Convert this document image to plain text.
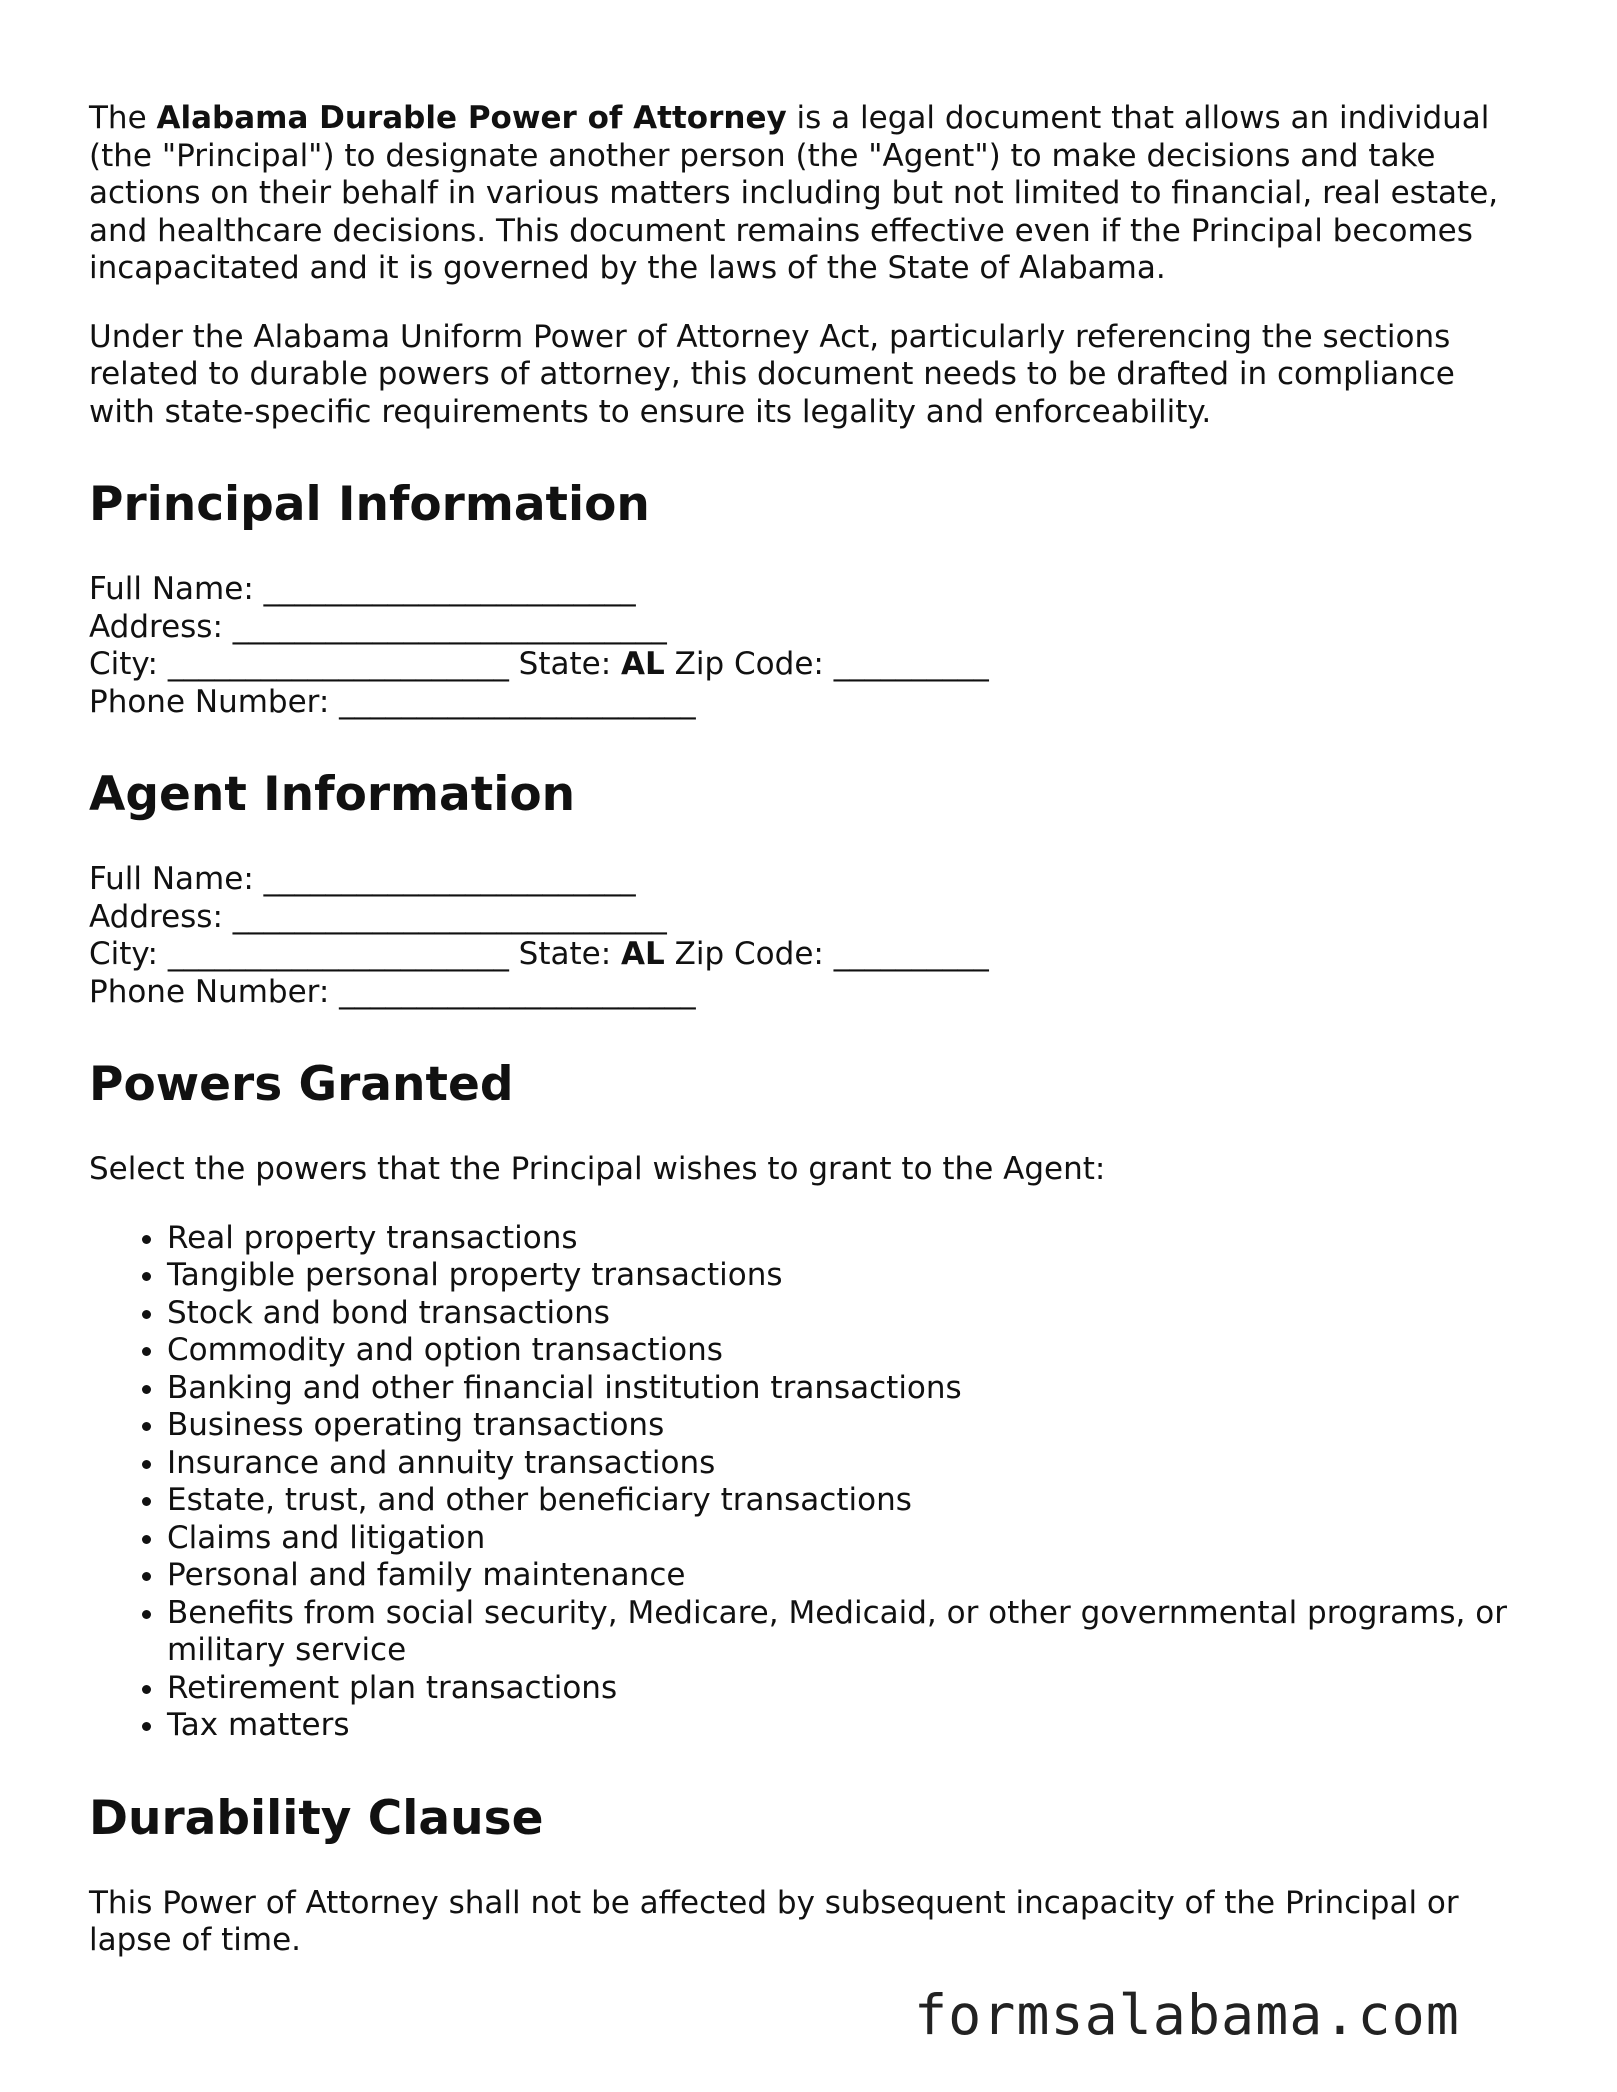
The Alabama Durable Power of Attorney is a legal document that allows an individual (the "Principal") to designate another person (the "Agent") to make decisions and take actions on their behalf in various matters including but not limited to financial, real estate, and healthcare decisions. This document remains effective even if the Principal becomes incapacitated and it is governed by the laws of the State of Alabama.

Under the Alabama Uniform Power of Attorney Act, particularly referencing the sections related to durable powers of attorney, this document needs to be drafted in compliance with state-specific requirements to ensure its legality and enforceability.

Principal Information
Full Name: ________________________
Address: ____________________________
City: ______________________ State: AL Zip Code: __________
Phone Number: _______________________
Agent Information
Full Name: ________________________
Address: ____________________________
City: ______________________ State: AL Zip Code: __________
Phone Number: _______________________
Powers Granted

Select the powers that the Principal wishes to grant to the Agent:

• Real property transactions
• Tangible personal property transactions
• Stock and bond transactions
• Commodity and option transactions
• Banking and other financial institution transactions
• Business operating transactions
• Insurance and annuity transactions
• Estate, trust, and other beneficiary transactions
• Claims and litigation
• Personal and family maintenance
• Benefits from social security, Medicare, Medicaid, or other governmental programs, or military service
• Retirement plan transactions
• Tax matters
Durability Clause

This Power of Attorney shall not be affected by subsequent incapacity of the Principal or lapse of time.

formsalabama.com
